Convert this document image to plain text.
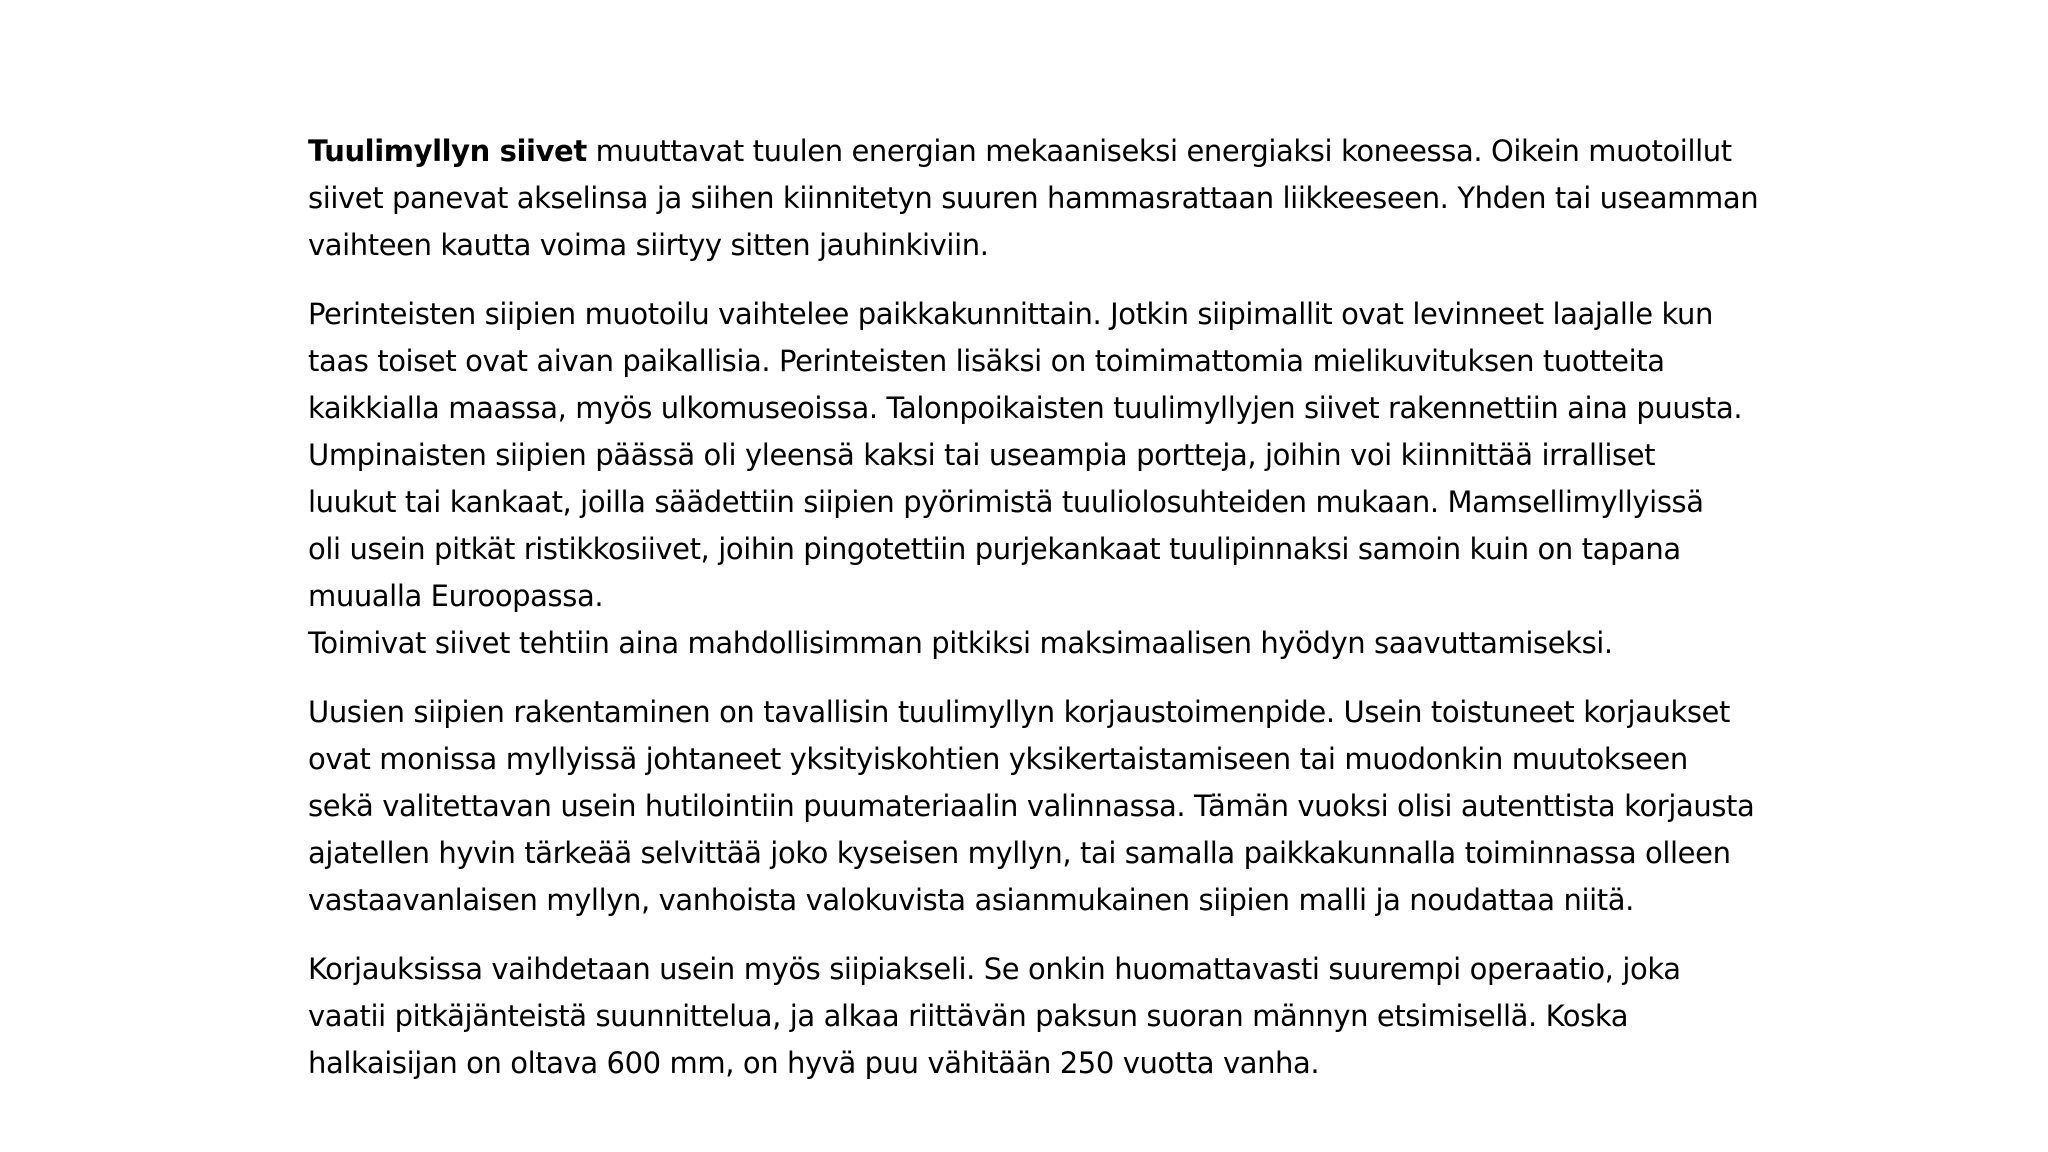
Tuulimyllyn siivet muuttavat tuulen energian mekaaniseksi energiaksi koneessa. Oikein muotoillut
siivet panevat akselinsa ja siihen kiinnitetyn suuren hammasrattaan liikkeeseen. Yhden tai useamman
vaihteen kautta voima siirtyy sitten jauhinkiviin.

Perinteisten siipien muotoilu vaihtelee paikkakunnittain. Jotkin siipimallit ovat levinneet laajalle kun
taas toiset ovat aivan paikallisia. Perinteisten lisäksi on toimimattomia mielikuvituksen tuotteita
kaikkialla maassa, myös ulkomuseoissa. Talonpoikaisten tuulimyllyjen siivet rakennettiin aina puusta.
Umpinaisten siipien päässä oli yleensä kaksi tai useampia portteja, joihin voi kiinnittää irralliset
luukut tai kankaat, joilla säädettiin siipien pyörimistä tuuliolosuhteiden mukaan. Mamsellimyllyissä
oli usein pitkät ristikkosiivet, joihin pingotettiin purjekankaat tuulipinnaksi samoin kuin on tapana
muualla Euroopassa.
Toimivat siivet tehtiin aina mahdollisimman pitkiksi maksimaalisen hyödyn saavuttamiseksi.

Uusien siipien rakentaminen on tavallisin tuulimyllyn korjaustoimenpide. Usein toistuneet korjaukset
ovat monissa myllyissä johtaneet yksityiskohtien yksikertaistamiseen tai muodonkin muutokseen
sekä valitettavan usein hutilointiin puumateriaalin valinnassa. Tämän vuoksi olisi autenttista korjausta
ajatellen hyvin tärkeää selvittää joko kyseisen myllyn, tai samalla paikkakunnalla toiminnassa olleen
vastaavanlaisen myllyn, vanhoista valokuvista asianmukainen siipien malli ja noudattaa niitä.

Korjauksissa vaihdetaan usein myös siipiakseli. Se onkin huomattavasti suurempi operaatio, joka
vaatii pitkäjänteistä suunnittelua, ja alkaa riittävän paksun suoran männyn etsimisellä. Koska
halkaisijan on oltava 600 mm, on hyvä puu vähitään 250 vuotta vanha.
